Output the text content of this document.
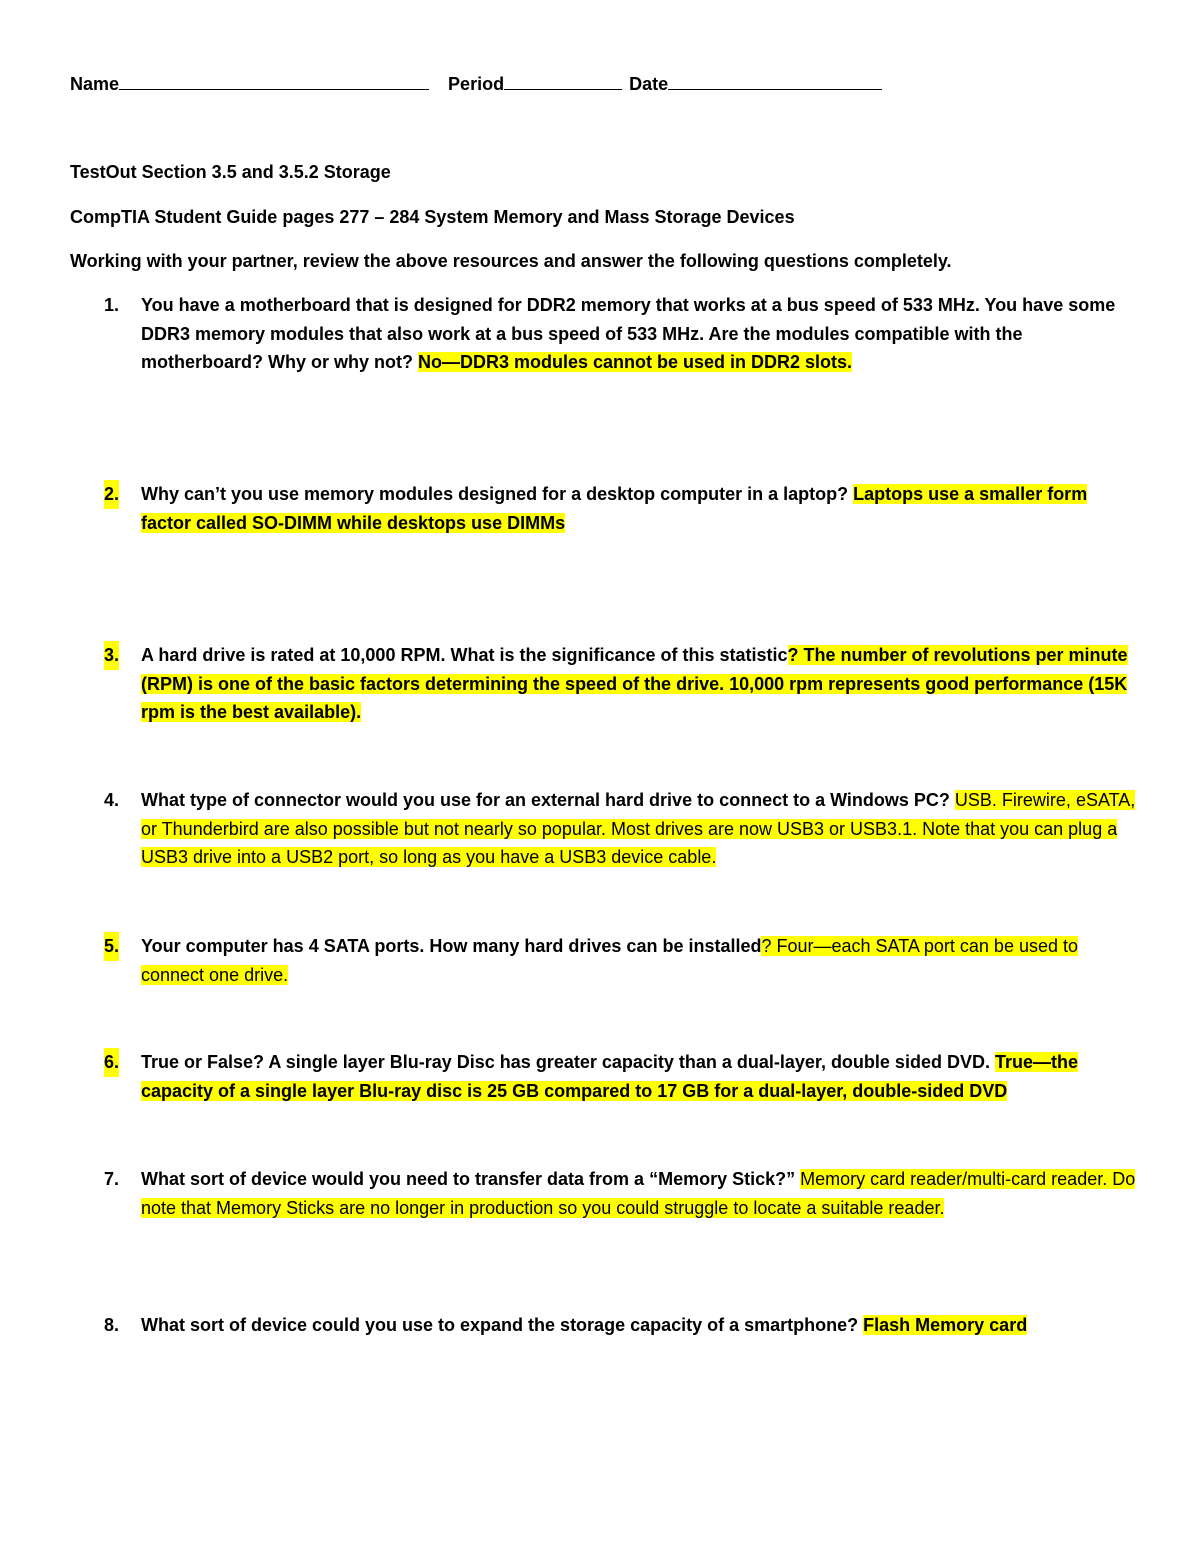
Name	Period	Date
TestOut Section 3.5 and 3.5.2 Storage
CompTIA Student Guide pages 277 – 284 System Memory and Mass Storage Devices
Working with your partner, review the above resources and answer the following questions completely.
1.	You have a motherboard that is designed for DDR2 memory that works at a bus speed of 533 MHz. You have some DDR3 memory modules that also work at a bus speed of 533 MHz. Are the modules compatible with the motherboard? Why or why not? No—DDR3 modules cannot be used in DDR2 slots.
2. Why can’t you use memory modules designed for a desktop computer in a laptop? Laptops use a smaller form factor called SO-DIMM while desktops use DIMMs
3. A hard drive is rated at 10,000 RPM. What is the significance of this statistic? The number of revolutions per minute (RPM) is one of the basic factors determining the speed of the drive. 10,000 rpm represents good performance (15K rpm is the best available).
4.	What type of connector would you use for an external hard drive to connect to a Windows PC? USB. Firewire, eSATA, or Thunderbird are also possible but not nearly so popular. Most drives are now USB3 or USB3.1. Note that you can plug a USB3 drive into a USB2 port, so long as you have a USB3 device cable.
5. Your computer has 4 SATA ports. How many hard drives can be installed? Four—each SATA port can be used to connect one drive.
6. True or False? A single layer Blu-ray Disc has greater capacity than a dual-layer, double sided DVD. True—the capacity of a single layer Blu-ray disc is 25 GB compared to 17 GB for a dual-layer, double-sided DVD
7.	What sort of device would you need to transfer data from a “Memory Stick?” Memory card reader/multi-card reader. Do note that Memory Sticks are no longer in production so you could struggle to locate a suitable reader.
8.	What sort of device could you use to expand the storage capacity of a smartphone? Flash Memory card
